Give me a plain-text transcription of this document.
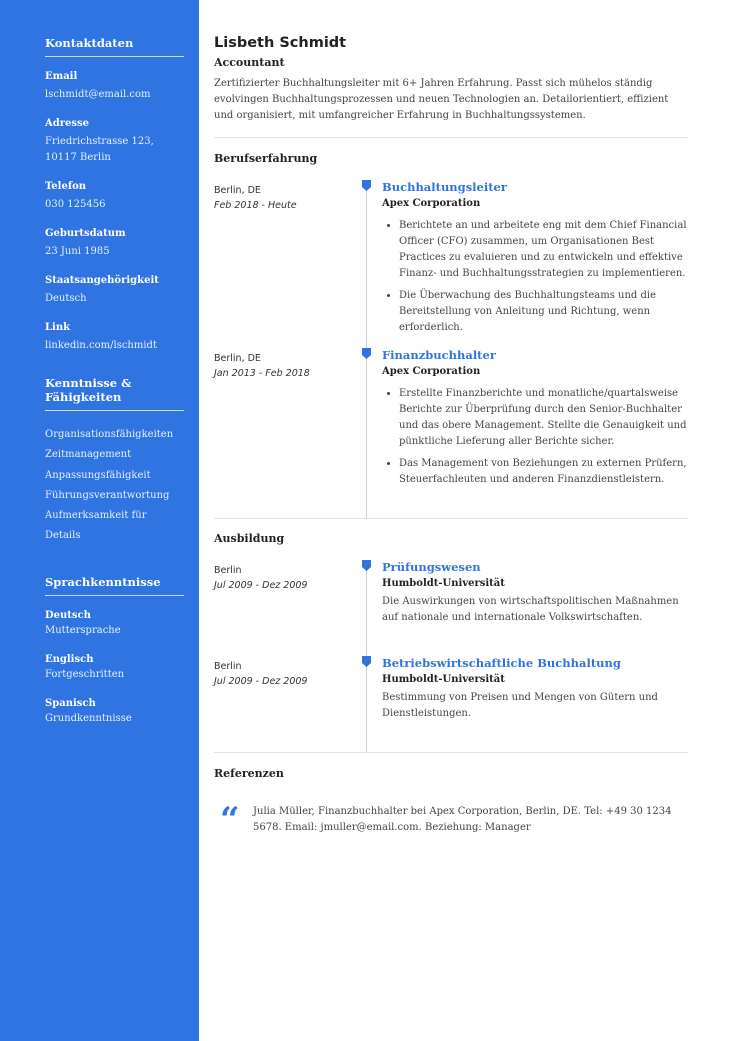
Kontaktdaten
Email
lschmidt@email.com
Adresse
Friedrichstrasse 123, 10117 Berlin
Telefon
030 125456
Geburtsdatum
23 Juni 1985
Staatsangehörigkeit
Deutsch
Link
linkedin.com/lschmidt
Kenntnisse & Fähigkeiten
Organisationsfähigkeiten
Zeitmanagement
Anpassungsfähigkeit
Führungsverantwortung
Aufmerksamkeit für Details
Sprachkenntnisse
Deutsch
Muttersprache
Englisch
Fortgeschritten
Spanisch
Grundkenntnisse
Lisbeth Schmidt
Accountant
Zertifizierter Buchhaltungsleiter mit 6+ Jahren Erfahrung. Passt sich mühelos ständig evolvingen Buchhaltungsprozessen und neuen Technologien an. Detailorientiert, effizient und organisiert, mit umfangreicher Erfahrung in Buchhaltungssystemen.
Berufserfahrung
Berlin, DE
Feb 2018 - Heute
Buchhaltungsleiter
Apex Corporation
• Berichtete an und arbeitete eng mit dem Chief Financial Officer (CFO) zusammen, um Organisationen Best Practices zu evaluieren und zu entwickeln und effektive Finanz- und Buchhaltungsstrategien zu implementieren.
• Die Überwachung des Buchhaltungsteams und die Bereitstellung von Anleitung und Richtung, wenn erforderlich.
Berlin, DE
Jan 2013 - Feb 2018
Finanzbuchhalter
Apex Corporation
• Erstellte Finanzberichte und monatliche/quartalsweise Berichte zur Überprüfung durch den Senior-Buchhalter und das obere Management. Stellte die Genauigkeit und pünktliche Lieferung aller Berichte sicher.
• Das Management von Beziehungen zu externen Prüfern, Steuerfachleuten und anderen Finanzdienstleistern.
Ausbildung
Berlin
Jul 2009 - Dez 2009
Prüfungswesen
Humboldt-Universität
Die Auswirkungen von wirtschaftspolitischen Maßnahmen auf nationale und internationale Volkswirtschaften.
Berlin
Jul 2009 - Dez 2009
Betriebswirtschaftliche Buchhaltung
Humboldt-Universität
Bestimmung von Preisen und Mengen von Gütern und Dienstleistungen.
Referenzen
“	Julia Müller, Finanzbuchhalter bei Apex Corporation, Berlin, DE. Tel: +49 30 1234 5678. Email: jmuller@email.com. Beziehung: Manager
